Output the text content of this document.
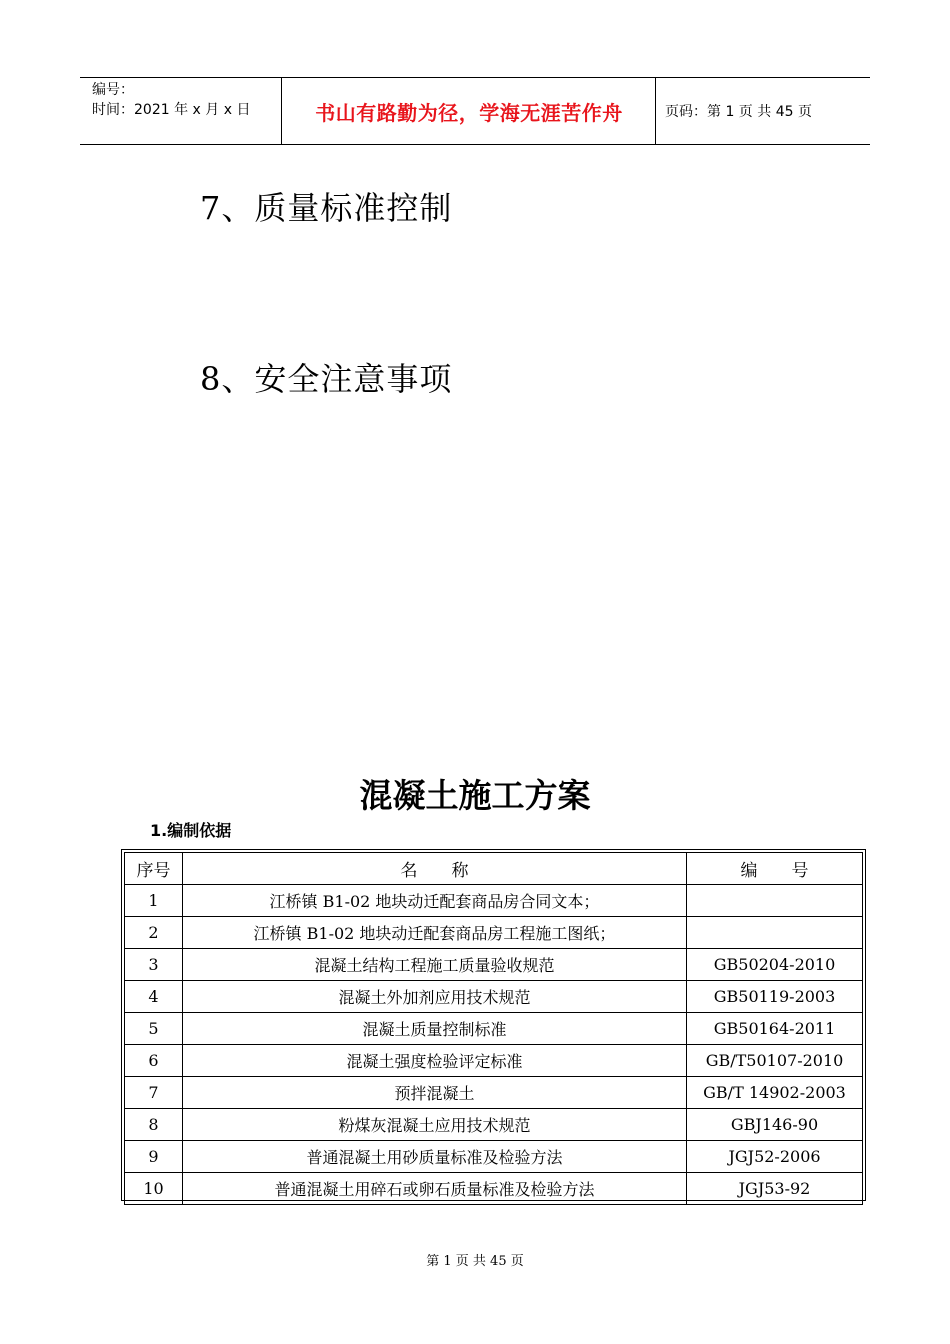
编号：
时间：2021 年 x 月 x 日	书山有路勤为径，学海无涯苦作舟	页码：第 1 页 共 45 页
7、质量标准控制
8、安全注意事项
混凝土施工方案
1.编制依据
序号	名　　称	编　　号
1	江桥镇 B1-02 地块动迁配套商品房合同文本；	
2	江桥镇 B1-02 地块动迁配套商品房工程施工图纸；	
3	混凝土结构工程施工质量验收规范	GB50204-2010
4	混凝土外加剂应用技术规范	GB50119-2003
5	混凝土质量控制标准	GB50164-2011
6	混凝土强度检验评定标准	GB/T50107-2010
7	预拌混凝土	GB/T 14902-2003
8	粉煤灰混凝土应用技术规范	GBJ146-90
9	普通混凝土用砂质量标准及检验方法	JGJ52-2006
10	普通混凝土用碎石或卵石质量标准及检验方法	JGJ53-92
第 1 页 共 45 页
